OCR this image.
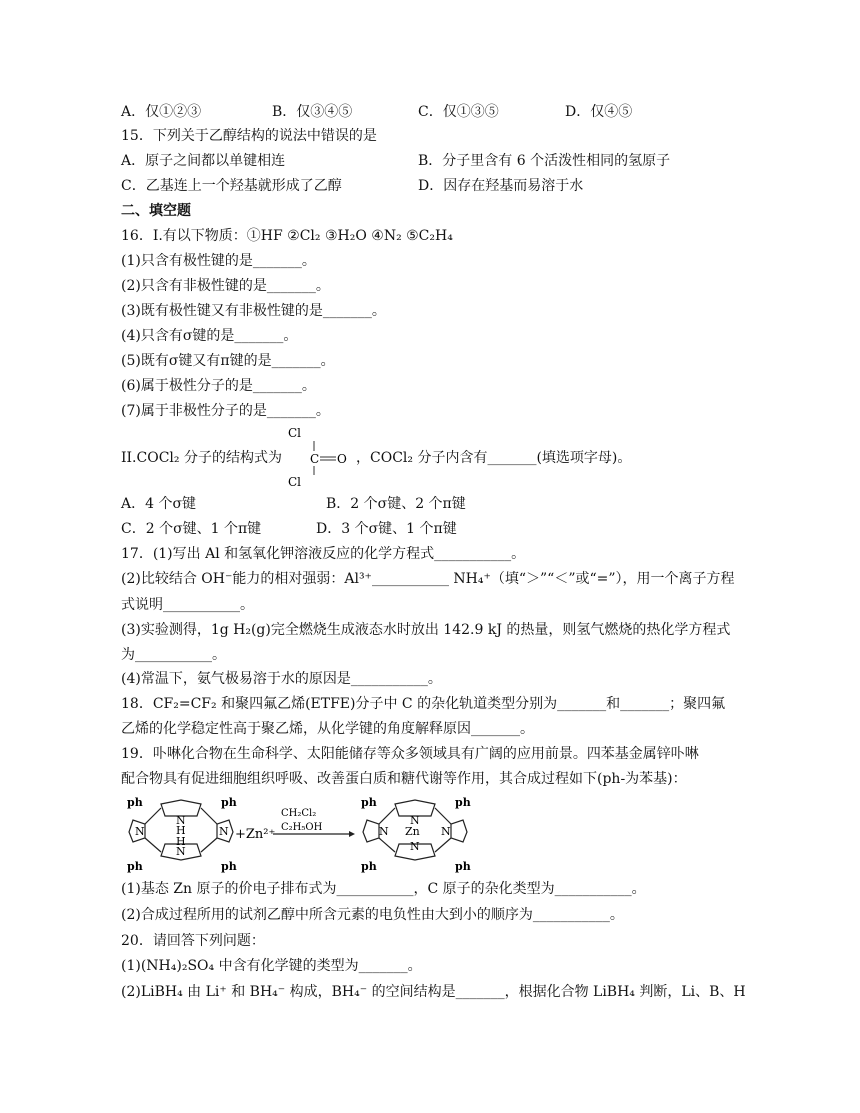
A．仅①②③	B．仅③④⑤	C．仅①③⑤	D．仅④⑤
15．下列关于乙醇结构的说法中错误的是
A．原子之间都以单键相连	B．分子里含有 6 个活泼性相同的氢原子
C．乙基连上一个羟基就形成了乙醇	D．因存在羟基而易溶于水
二、填空题
16．I.有以下物质：①HF ②Cl₂ ③H₂O ④N₂ ⑤C₂H₄
(1)只含有极性键的是_______。
(2)只含有非极性键的是_______。
(3)既有极性键又有非极性键的是_______。
(4)只含有σ键的是_______。
(5)既有σ键又有π键的是_______。
(6)属于极性分子的是_______。
(7)属于非极性分子的是_______。
II.COCl₂ 分子的结构式为
Cl
C O
Cl
，COCl₂ 分子内含有_______(填选项字母)。
A．4 个σ键	B．2 个σ键、2 个π键
C．2 个σ键、1 个π键	D．3 个σ键、1 个π键
17．(1)写出 Al 和氢氧化钾溶液反应的化学方程式___________。
(2)比较结合 OH⁻能力的相对强弱：Al³⁺___________ NH₄⁺（填“＞”“＜”或“=”），用一个离子方程
式说明___________。
(3)实验测得，1g H₂(g)完全燃烧生成液态水时放出 142.9 kJ 的热量，则氢气燃烧的热化学方程式
为___________。
(4)常温下，氨气极易溶于水的原因是___________。
18．CF₂=CF₂ 和聚四氟乙烯(ETFE)分子中 C 的杂化轨道类型分别为_______和_______；聚四氟
乙烯的化学稳定性高于聚乙烯，从化学键的角度解释原因_______。
19．卟啉化合物在生命科学、太阳能储存等众多领域具有广阔的应用前景。四苯基金属锌卟啉
配合物具有促进细胞组织呼吸、改善蛋白质和糖代谢等作用，其合成过程如下(ph-为苯基)：
ph	ph
ph	ph
N
H
N	N
H
N
+Zn²⁺
CH₂Cl₂
C₂H₅OH
ph	ph
ph	ph
N
N Zn N
N
(1)基态 Zn 原子的价电子排布式为___________，C 原子的杂化类型为___________。
(2)合成过程所用的试剂乙醇中所含元素的电负性由大到小的顺序为___________。
20．请回答下列问题：
(1)(NH₄)₂SO₄ 中含有化学键的类型为_______。
(2)LiBH₄ 由 Li⁺ 和 BH₄⁻ 构成，BH₄⁻ 的空间结构是_______，根据化合物 LiBH₄ 判断，Li、B、H
